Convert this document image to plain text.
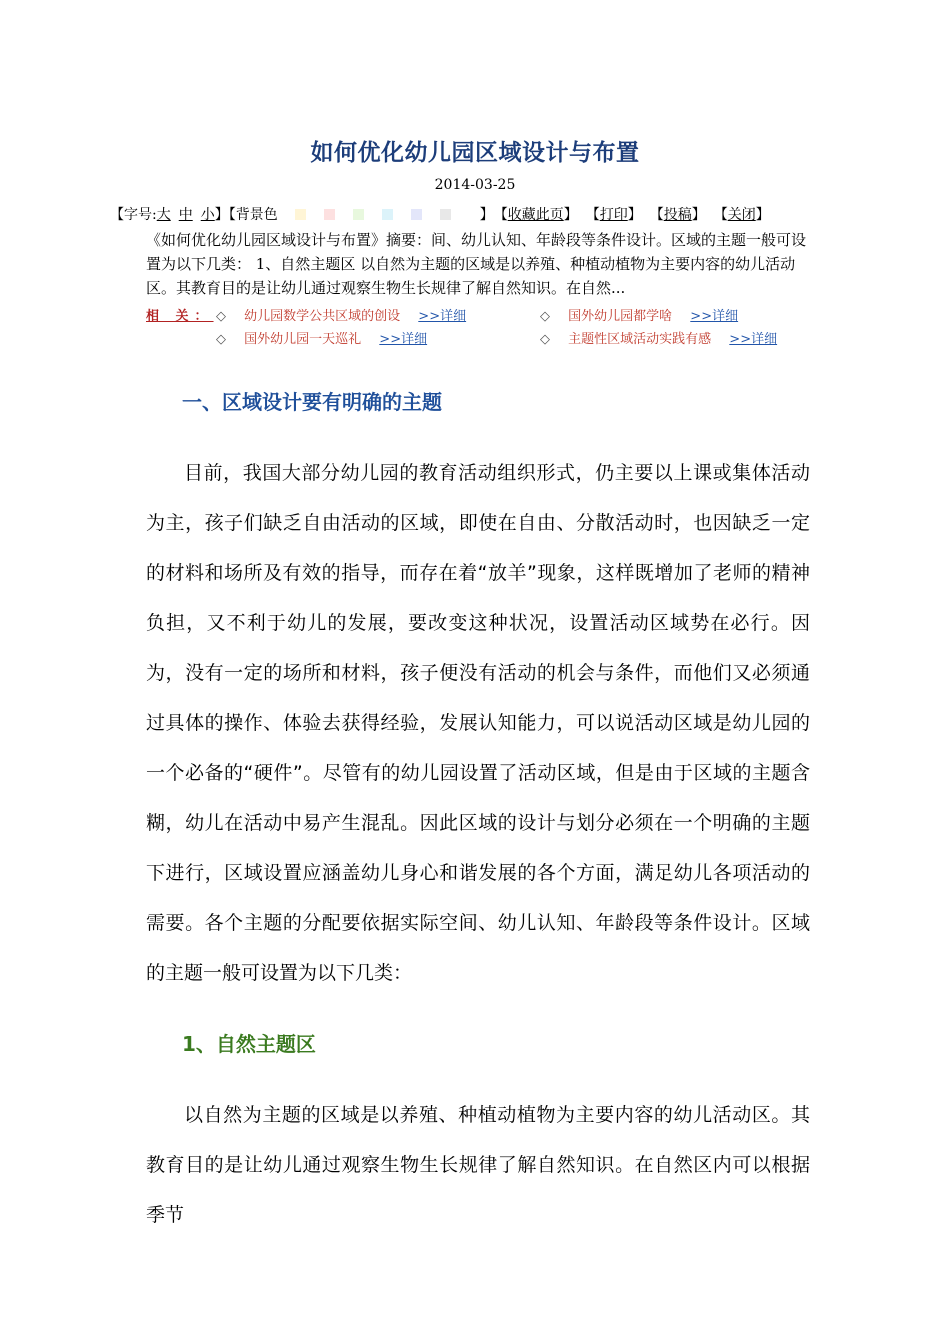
如何优化幼儿园区域设计与布置
2014-03-25
【字号: 大 中 小 】【背景色	】 【 收藏此页 】 【 打印 】 【 投稿 】 【 关闭 】
《如何优化幼儿园区域设计与布置》摘要：间、幼儿认知、年龄段等条件设计。区域的主题一般可设置为以下几类： 1、自然主题区 以自然为主题的区域是以养殖、种植动植物为主要内容的幼儿活动区。其教育目的是让幼儿通过观察生物生长规律了解自然知识。在自然...
相 关： ◇ 幼儿园数学公共区域的创设 >>详细	◇ 国外幼儿园都学啥 >>详细
◇ 国外幼儿园一天巡礼 >>详细	◇ 主题性区域活动实践有感 >>详细
一、区域设计要有明确的主题
目前，我国大部分幼儿园的教育活动组织形式，仍主要以上课或集体活动为主，孩子们缺乏自由活动的区域，即使在自由、分散活动时，也因缺乏一定的材料和场所及有效的指导，而存在着“放羊”现象，这样既增加了老师的精神负担，又不利于幼儿的发展，要改变这种状况，设置活动区域势在必行。因为，没有一定的场所和材料，孩子便没有活动的机会与条件，而他们又必须通过具体的操作、体验去获得经验，发展认知能力，可以说活动区域是幼儿园的一个必备的“硬件”。尽管有的幼儿园设置了活动区域，但是由于区域的主题含糊，幼儿在活动中易产生混乱。因此区域的设计与划分必须在一个明确的主题下进行，区域设置应涵盖幼儿身心和谐发展的各个方面，满足幼儿各项活动的需要。各个主题的分配要依据实际空间、幼儿认知、年龄段等条件设计。区域的主题一般可设置为以下几类：
1、自然主题区
以自然为主题的区域是以养殖、种植动植物为主要内容的幼儿活动区。其教育目的是让幼儿通过观察生物生长规律了解自然知识。在自然区内可以根据季节
